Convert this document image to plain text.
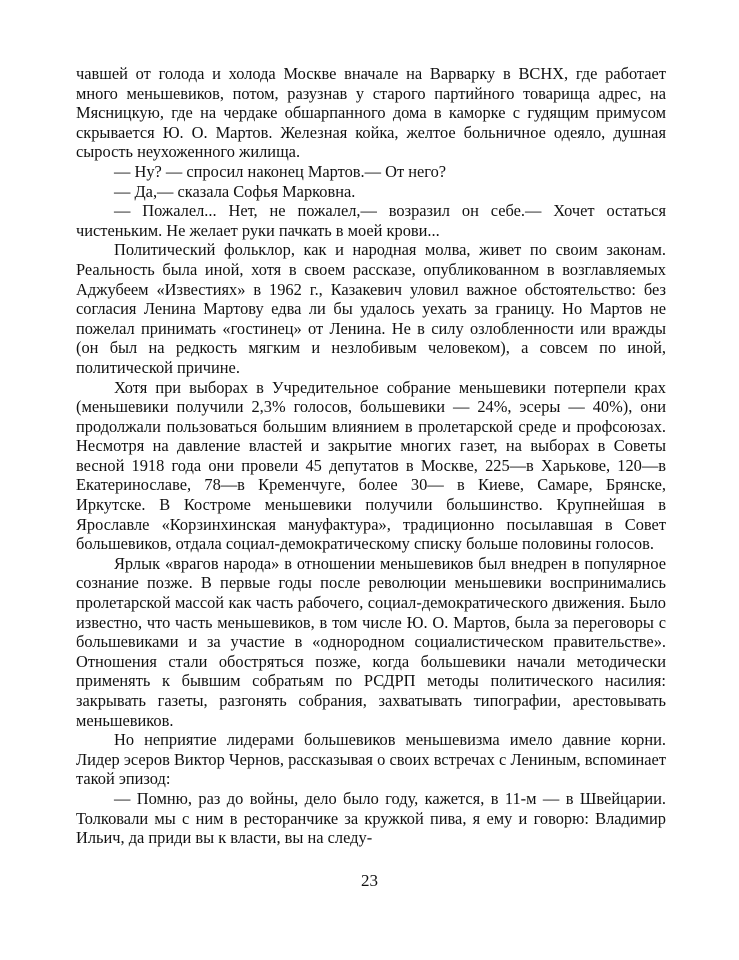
чавшей от голода и холода Москве вначале на Варварку в ВСНХ, где работает много меньшевиков, потом, разузнав у старого партийного товарища адрес, на Мясницкую, где на чердаке обшарпанного дома в каморке с гудящим примусом скрывается Ю. О. Мартов. Железная койка, желтое больничное одеяло, душная сырость неухоженного жилища.

— Ну? — спросил наконец Мартов.— От него?

— Да,— сказала Софья Марковна.

— Пожалел... Нет, не пожалел,— возразил он себе.— Хочет остаться чистеньким. Не желает руки пачкать в моей крови...

Политический фольклор, как и народная молва, живет по своим законам. Реальность была иной, хотя в своем рассказе, опубликованном в возглавляемых Аджубеем «Известиях» в 1962 г., Казакевич уловил важное обстоятельство: без согласия Ленина Мартову едва ли бы удалось уехать за границу. Но Мартов не пожелал принимать «гостинец» от Ленина. Не в силу озлобленности или вражды (он был на редкость мягким и незлобивым человеком), а совсем по иной, политической причине.

Хотя при выборах в Учредительное собрание меньшевики потерпели крах (меньшевики получили 2,3% голосов, большевики — 24%, эсеры — 40%), они продолжали пользоваться большим влиянием в пролетарской среде и профсоюзах. Несмотря на давление властей и закрытие многих газет, на выборах в Советы весной 1918 года они провели 45 депутатов в Москве, 225—в Харькове, 120—в Екатеринославе, 78—в Кременчуге, более 30— в Киеве, Самаре, Брянске, Иркутске. В Костроме меньшевики получили большинство. Крупнейшая в Ярославле «Корзинхинская мануфактура», традиционно посылавшая в Совет большевиков, отдала социал-демократическому списку больше половины голосов.

Ярлык «врагов народа» в отношении меньшевиков был внедрен в популярное сознание позже. В первые годы после революции меньшевики воспринимались пролетарской массой как часть рабочего, социал-демократического движения. Было известно, что часть меньшевиков, в том числе Ю. О. Мартов, была за переговоры с большевиками и за участие в «однородном социалистическом правительстве». Отношения стали обостряться позже, когда большевики начали методически применять к бывшим собратьям по РСДРП методы политического насилия: закрывать газеты, разгонять собрания, захватывать типографии, арестовывать меньшевиков.

Но неприятие лидерами большевиков меньшевизма имело давние корни. Лидер эсеров Виктор Чернов, рассказывая о своих встречах с Лениным, вспоминает такой эпизод:

— Помню, раз до войны, дело было году, кажется, в 11-м — в Швейцарии. Толковали мы с ним в ресторанчике за кружкой пива, я ему и говорю: Владимир Ильич, да приди вы к власти, вы на следу-

23
